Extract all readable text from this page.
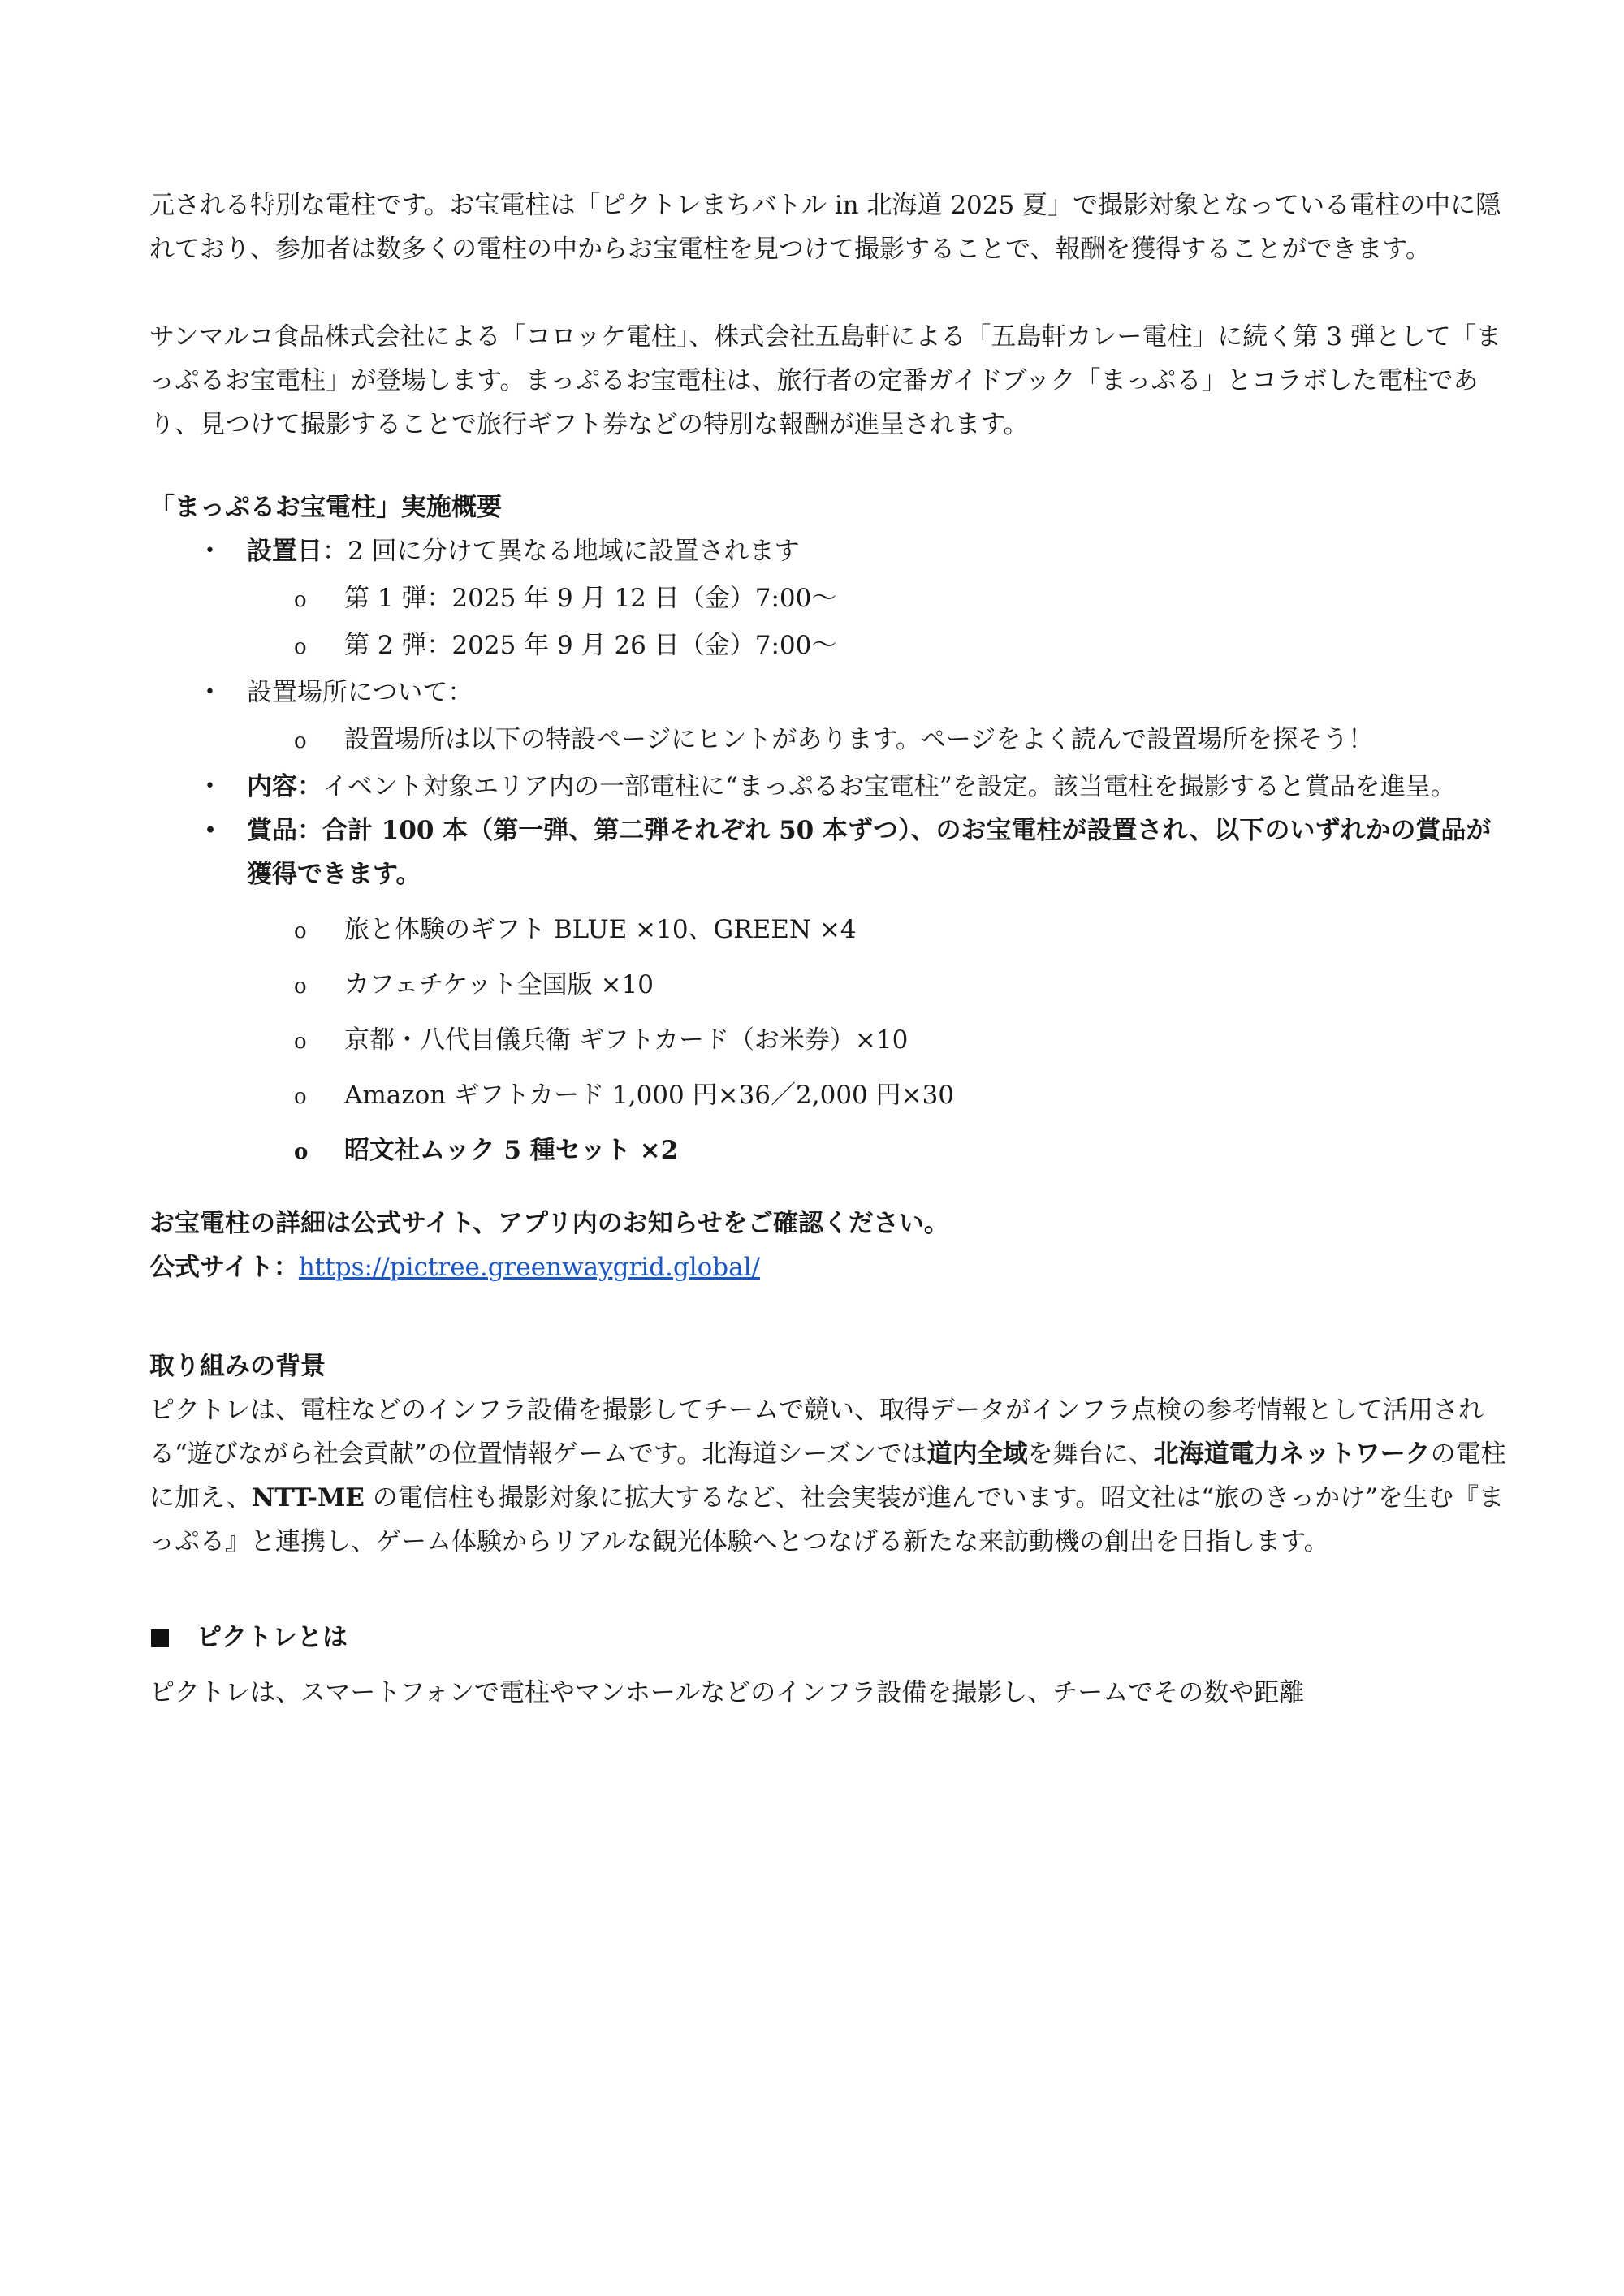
元される特別な電柱です。お宝電柱は「ピクトレまちバトル in 北海道 2025 夏」で撮影対象となっている電柱の中に隠れており、参加者は数多くの電柱の中からお宝電柱を見つけて撮影することで、報酬を獲得することができます。

サンマルコ食品株式会社による「コロッケ電柱」、株式会社五島軒による「五島軒カレー電柱」に続く第 3 弾として「まっぷるお宝電柱」が登場します。まっぷるお宝電柱は、旅行者の定番ガイドブック「まっぷる」とコラボした電柱であり、見つけて撮影することで旅行ギフト券などの特別な報酬が進呈されます。

「まっぷるお宝電柱」実施概要

• 設置日：2 回に分けて異なる地域に設置されます
o 第 1 弾：2025 年 9 月 12 日（金）7:00〜
o 第 2 弾：2025 年 9 月 26 日（金）7:00〜
• 設置場所について：
o 設置場所は以下の特設ページにヒントがあります。ページをよく読んで設置場所を探そう！
• 内容：イベント対象エリア内の一部電柱に“まっぷるお宝電柱”を設定。該当電柱を撮影すると賞品を進呈。
• 賞品：合計 100 本（第一弾、第二弾それぞれ 50 本ずつ）、のお宝電柱が設置され、以下のいずれかの賞品が獲得できます。
o 旅と体験のギフト BLUE ×10、GREEN ×4
o カフェチケット全国版 ×10
o 京都・八代目儀兵衛 ギフトカード（お米券）×10
o Amazon ギフトカード 1,000 円×36／2,000 円×30
o 昭文社ムック 5 種セット ×2

お宝電柱の詳細は公式サイト、アプリ内のお知らせをご確認ください。

公式サイト：https://pictree.greenwaygrid.global/

取り組みの背景

ピクトレは、電柱などのインフラ設備を撮影してチームで競い、取得データがインフラ点検の参考情報として活用される“遊びながら社会貢献”の位置情報ゲームです。北海道シーズンでは道内全域を舞台に、北海道電力ネットワークの電柱に加え、NTT-ME の電信柱も撮影対象に拡大するなど、社会実装が進んでいます。昭文社は“旅のきっかけ”を生む『まっぷる』と連携し、ゲーム体験からリアルな観光体験へとつなげる新たな来訪動機の創出を目指します。

ピクトレとは

ピクトレは、スマートフォンで電柱やマンホールなどのインフラ設備を撮影し、チームでその数や距離
